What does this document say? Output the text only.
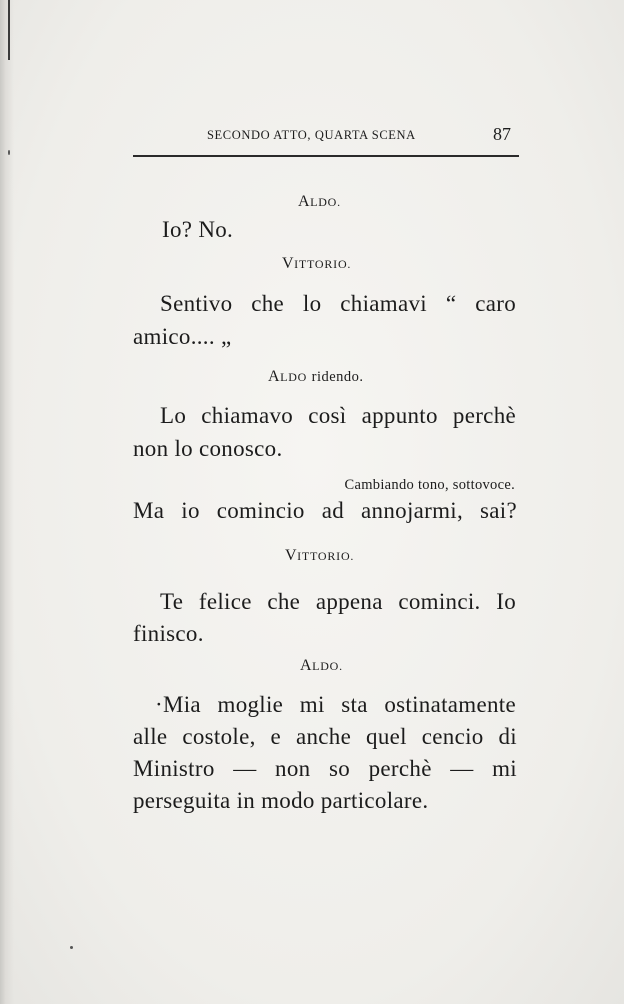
SECONDO ATTO, QUARTA SCENA	87
ALDO.
Io? No.
VITTORIO.
Sentivo che lo chiamavi “ caro
amico.... „
ALDO ridendo.
Lo chiamavo così appunto perchè
non lo conosco.
Cambiando tono, sottovoce.
Ma io comincio ad annojarmi, sai?
VITTORIO.
Te felice che appena cominci. Io
finisco.
ALDO.
·Mia moglie mi sta ostinatamente
alle costole, e anche quel cencio di
Ministro — non so perchè — mi
perseguita in modo particolare.
